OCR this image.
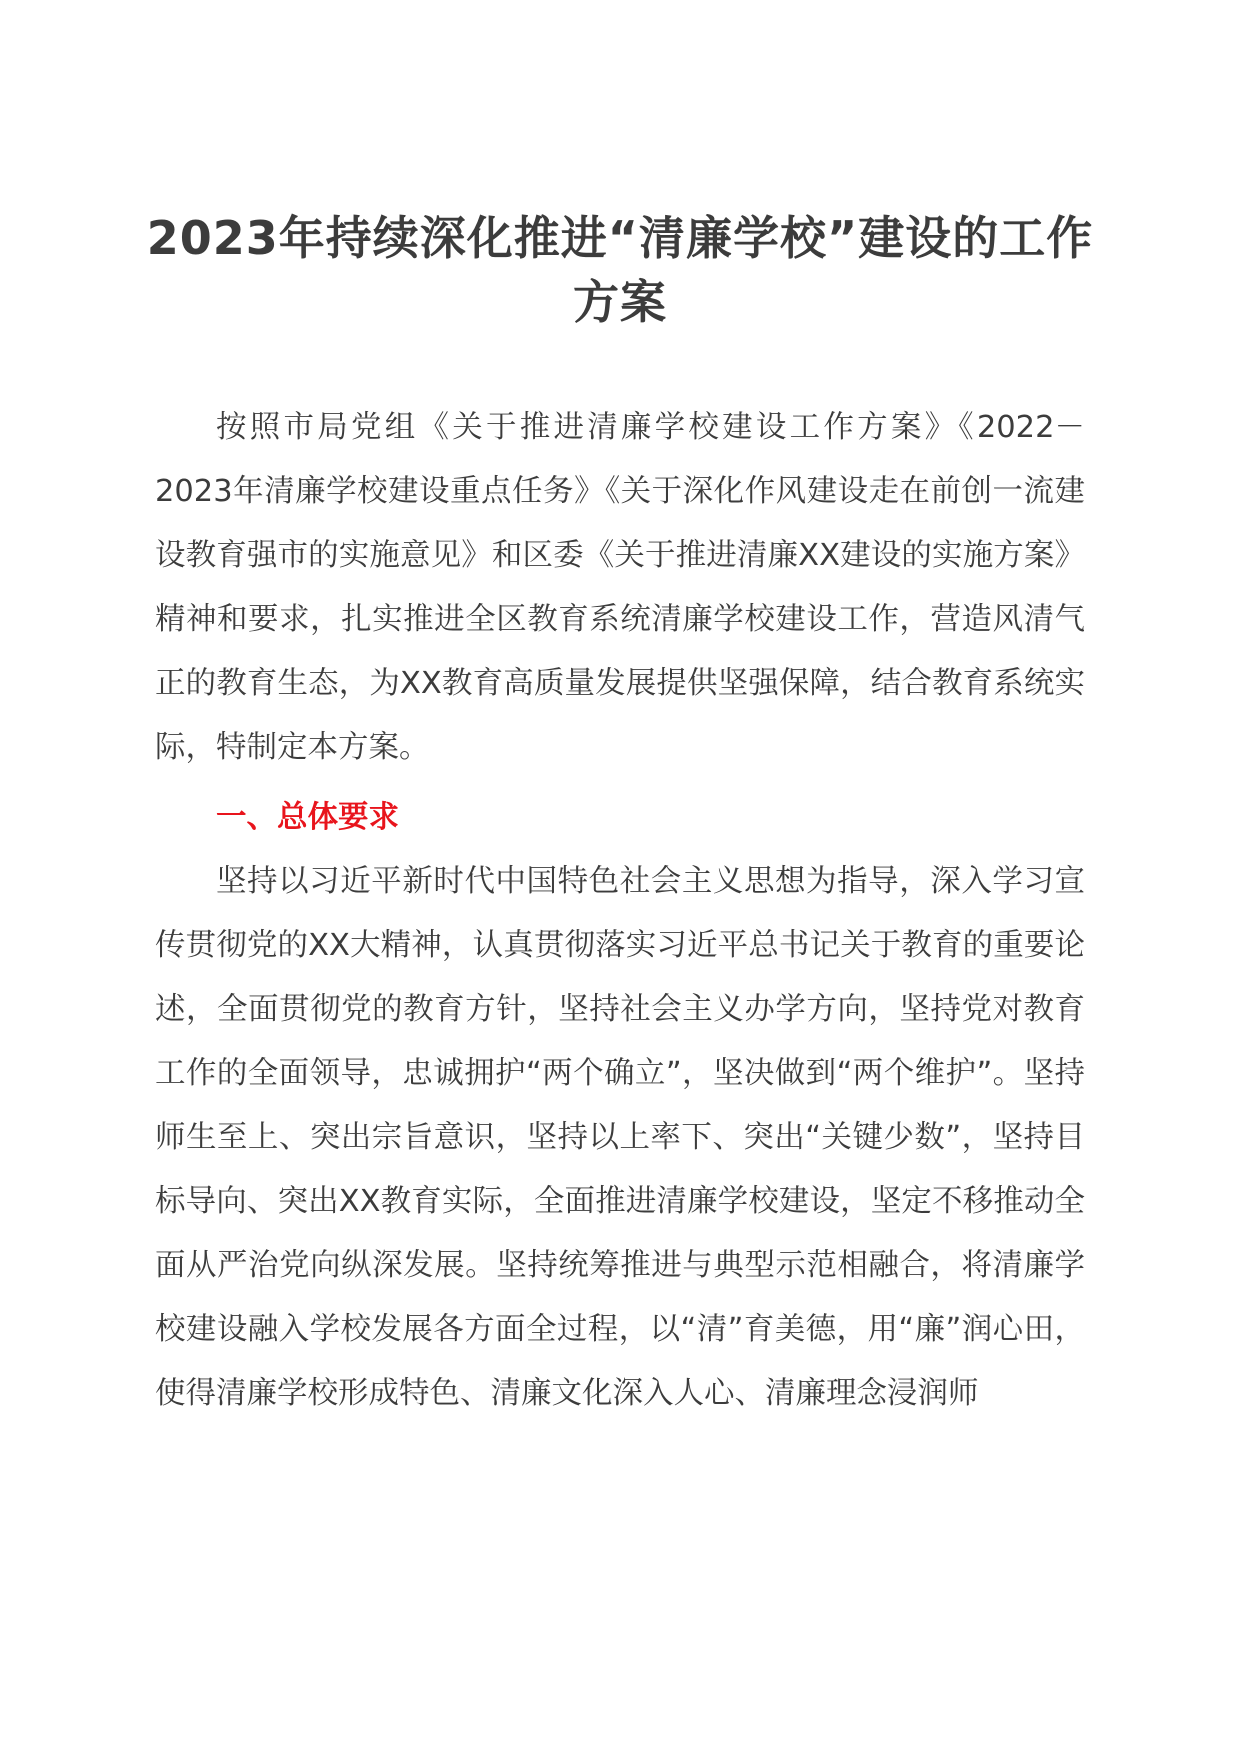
2023年持续深化推进“清廉学校”建设的工作方案

按照市局党组《关于推进清廉学校建设工作方案》《2022－2023年清廉学校建设重点任务》《关于深化作风建设走在前创一流建设教育强市的实施意见》和区委《关于推进清廉XX建设的实施方案》精神和要求，扎实推进全区教育系统清廉学校建设工作，营造风清气正的教育生态，为XX教育高质量发展提供坚强保障，结合教育系统实际，特制定本方案。

一、总体要求

坚持以习近平新时代中国特色社会主义思想为指导，深入学习宣传贯彻党的XX大精神，认真贯彻落实习近平总书记关于教育的重要论述，全面贯彻党的教育方针，坚持社会主义办学方向，坚持党对教育工作的全面领导，忠诚拥护“两个确立”，坚决做到“两个维护”。坚持师生至上、突出宗旨意识，坚持以上率下、突出“关键少数”，坚持目标导向、突出XX教育实际，全面推进清廉学校建设，坚定不移推动全面从严治党向纵深发展。坚持统筹推进与典型示范相融合，将清廉学校建设融入学校发展各方面全过程，以“清”育美德，用“廉”润心田，使得清廉学校形成特色、清廉文化深入人心、清廉理念浸润师
